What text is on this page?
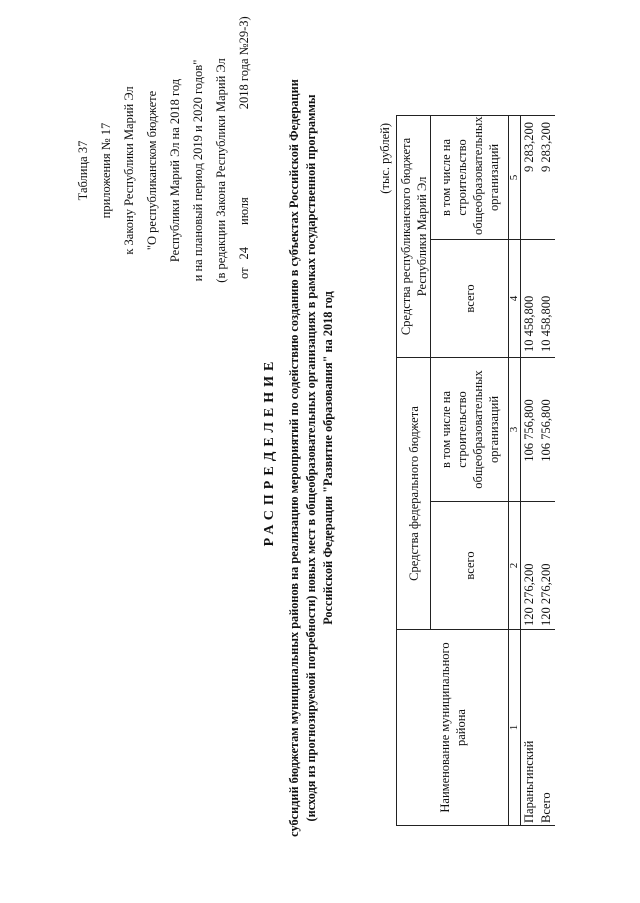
Таблица 37 приложения № 17 к Закону Республики Марий Эл "О республиканском бюджете Республики Марий Эл на 2018 год и на плановый период 2019 и 2020 годов" (в редакции Закона Республики Марий Эл от24июля2018 года №29-З)
РАСПРЕДЕЛЕНИЕ субсидий бюджетам муниципальных районов на реализацию мероприятий по содействию созданию в субъектах Российской Федерации (исходя из прогнозируемой потребности) новых мест в общеобразовательных организациях в рамках государственной программы Российской Федерации "Развитие образования" на 2018 год
(тыс. рублей)
Наименование муниципального района	Средства федерального бюджета		Средства республиканского бюджета Республики Марий Эл	
	всего	в том числе на строительство общеобразовательных организаций	всего	в том числе на строительство общеобразовательных организаций
1	2	3	4	5
Параньгинский	120 276,200	106 756,800	10 458,800	9 283,200
Всего	120 276,200	106 756,800	10 458,800	9 283,200
